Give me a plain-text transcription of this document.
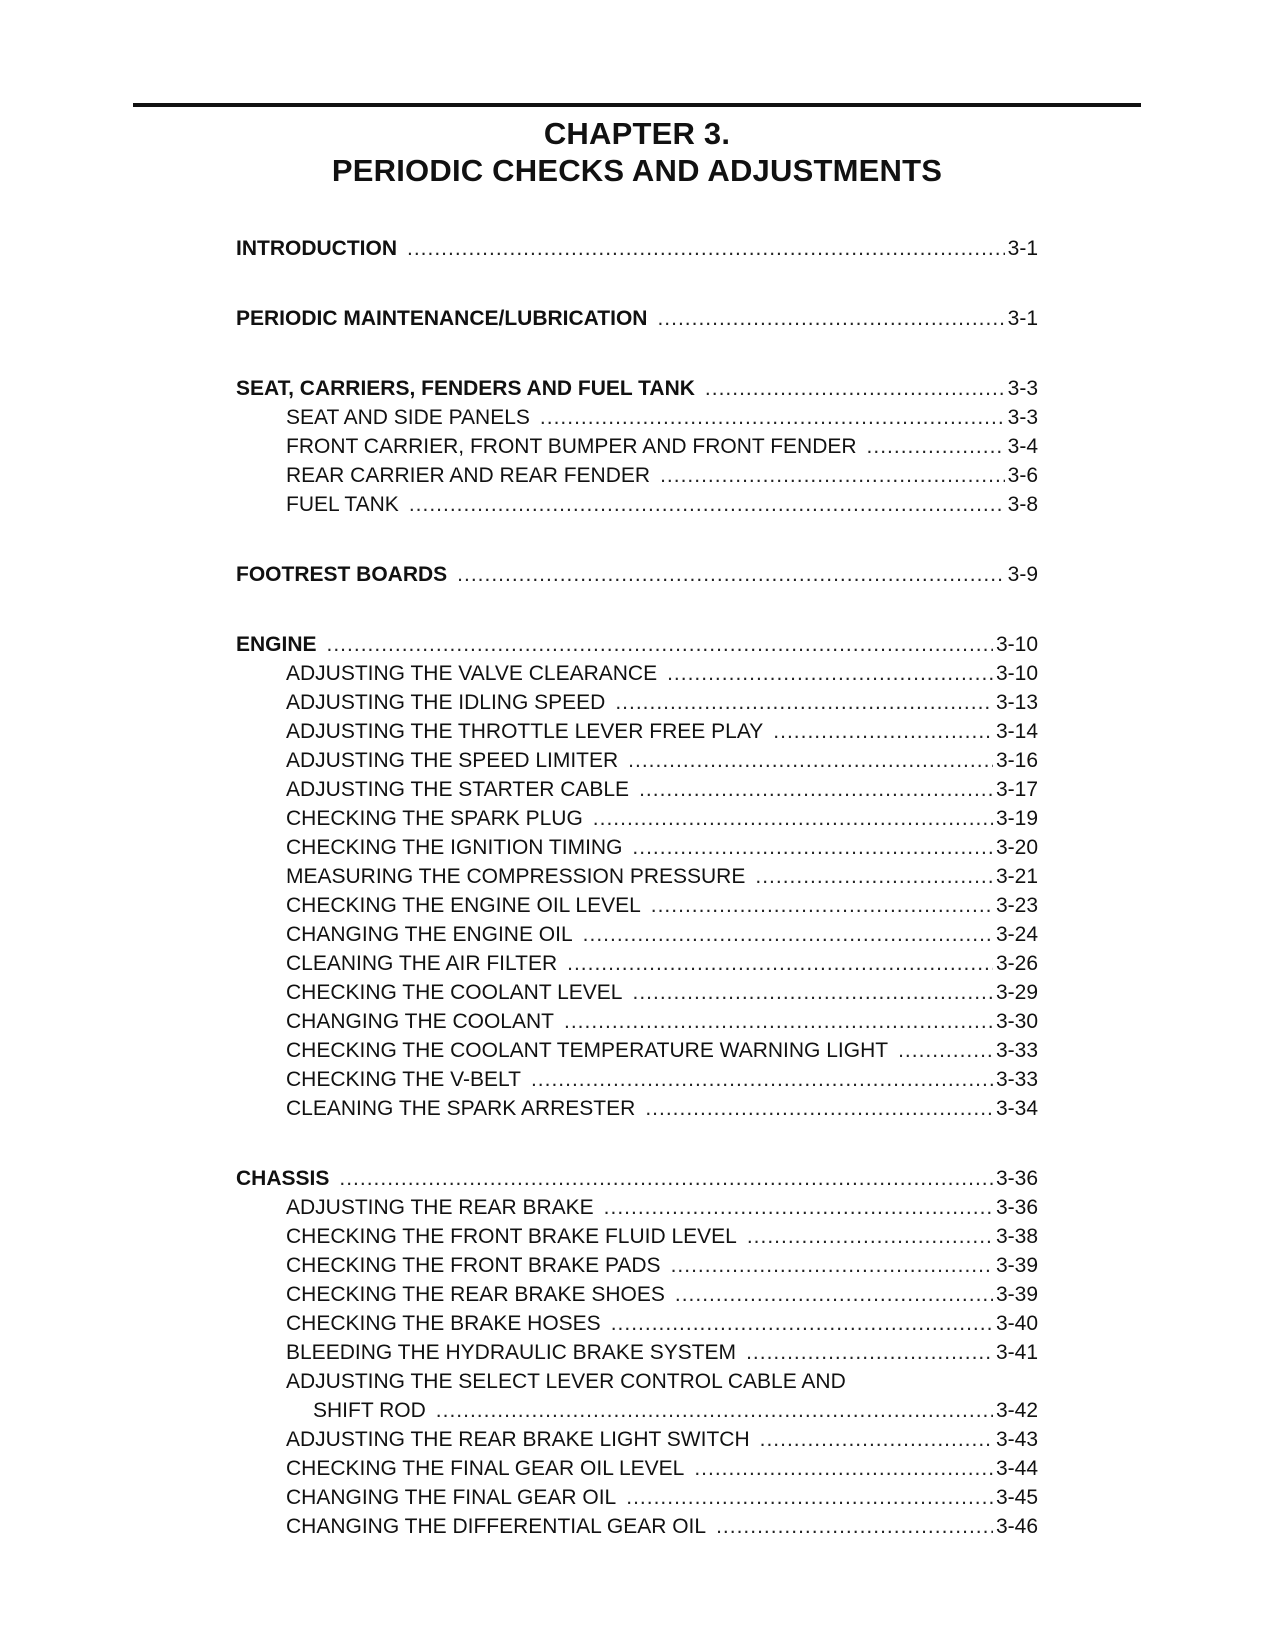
CHAPTER 3.
PERIODIC CHECKS AND ADJUSTMENTS
INTRODUCTION .....	3-1
PERIODIC MAINTENANCE/LUBRICATION .....	3-1
SEAT, CARRIERS, FENDERS AND FUEL TANK .....	3-3
SEAT AND SIDE PANELS .....	3-3
FRONT CARRIER, FRONT BUMPER AND FRONT FENDER .....	3-4
REAR CARRIER AND REAR FENDER .....	3-6
FUEL TANK .....	3-8
FOOTREST BOARDS .....	3-9
ENGINE .....	3-10
ADJUSTING THE VALVE CLEARANCE .....	3-10
ADJUSTING THE IDLING SPEED .....	3-13
ADJUSTING THE THROTTLE LEVER FREE PLAY .....	3-14
ADJUSTING THE SPEED LIMITER .....	3-16
ADJUSTING THE STARTER CABLE .....	3-17
CHECKING THE SPARK PLUG .....	3-19
CHECKING THE IGNITION TIMING .....	3-20
MEASURING THE COMPRESSION PRESSURE .....	3-21
CHECKING THE ENGINE OIL LEVEL .....	3-23
CHANGING THE ENGINE OIL .....	3-24
CLEANING THE AIR FILTER .....	3-26
CHECKING THE COOLANT LEVEL .....	3-29
CHANGING THE COOLANT .....	3-30
CHECKING THE COOLANT TEMPERATURE WARNING LIGHT .....	3-33
CHECKING THE V-BELT .....	3-33
CLEANING THE SPARK ARRESTER .....	3-34
CHASSIS .....	3-36
ADJUSTING THE REAR BRAKE .....	3-36
CHECKING THE FRONT BRAKE FLUID LEVEL .....	3-38
CHECKING THE FRONT BRAKE PADS .....	3-39
CHECKING THE REAR BRAKE SHOES .....	3-39
CHECKING THE BRAKE HOSES .....	3-40
BLEEDING THE HYDRAULIC BRAKE SYSTEM .....	3-41
ADJUSTING THE SELECT LEVER CONTROL CABLE AND
SHIFT ROD .....	3-42
ADJUSTING THE REAR BRAKE LIGHT SWITCH .....	3-43
CHECKING THE FINAL GEAR OIL LEVEL .....	3-44
CHANGING THE FINAL GEAR OIL .....	3-45
CHANGING THE DIFFERENTIAL GEAR OIL .....	3-46
